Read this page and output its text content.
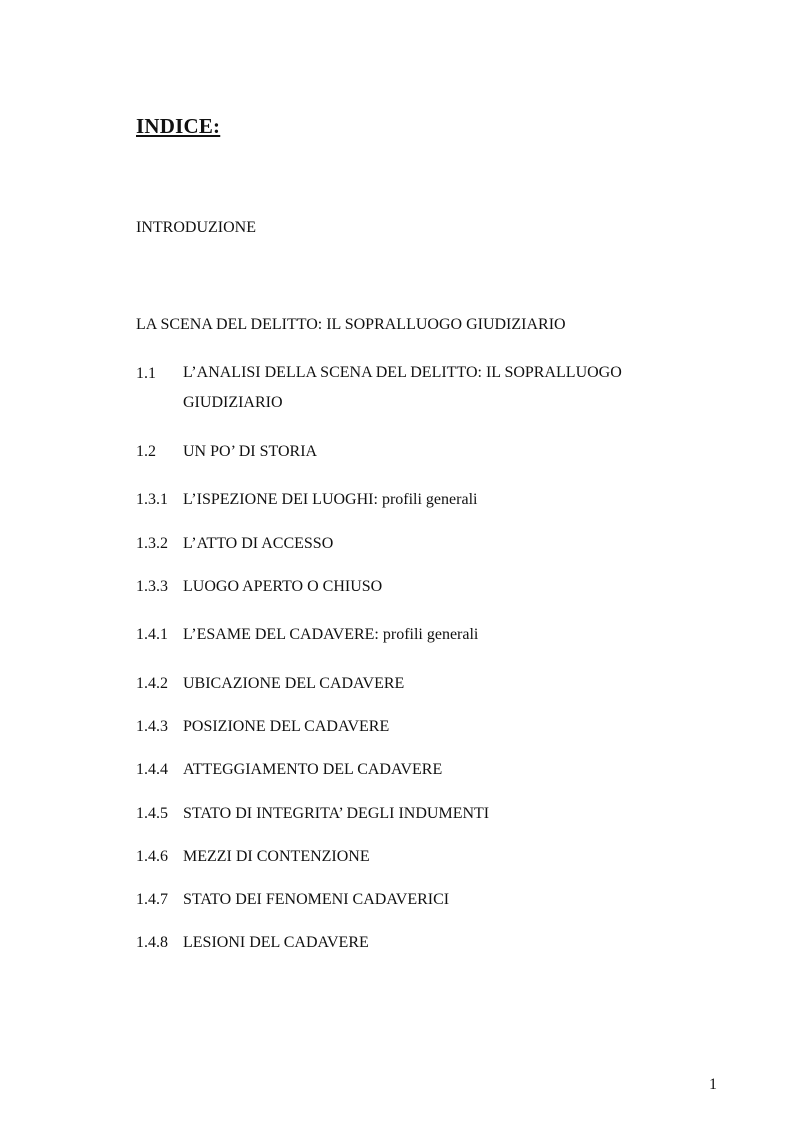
INDICE:
INTRODUZIONE
LA SCENA DEL DELITTO: IL SOPRALLUOGO GIUDIZIARIO
1.1 L’ANALISI DELLA SCENA DEL DELITTO: IL SOPRALLUOGO
GIUDIZIARIO
1.2 UN PO’ DI STORIA
1.3.1 L’ISPEZIONE DEI LUOGHI: profili generali
1.3.2 L’ATTO DI ACCESSO
1.3.3 LUOGO APERTO O CHIUSO
1.4.1 L’ESAME DEL CADAVERE: profili generali
1.4.2 UBICAZIONE DEL CADAVERE
1.4.3 POSIZIONE DEL CADAVERE
1.4.4 ATTEGGIAMENTO DEL CADAVERE
1.4.5 STATO DI INTEGRITA’ DEGLI INDUMENTI
1.4.6 MEZZI DI CONTENZIONE
1.4.7 STATO DEI FENOMENI CADAVERICI
1.4.8 LESIONI DEL CADAVERE
1
